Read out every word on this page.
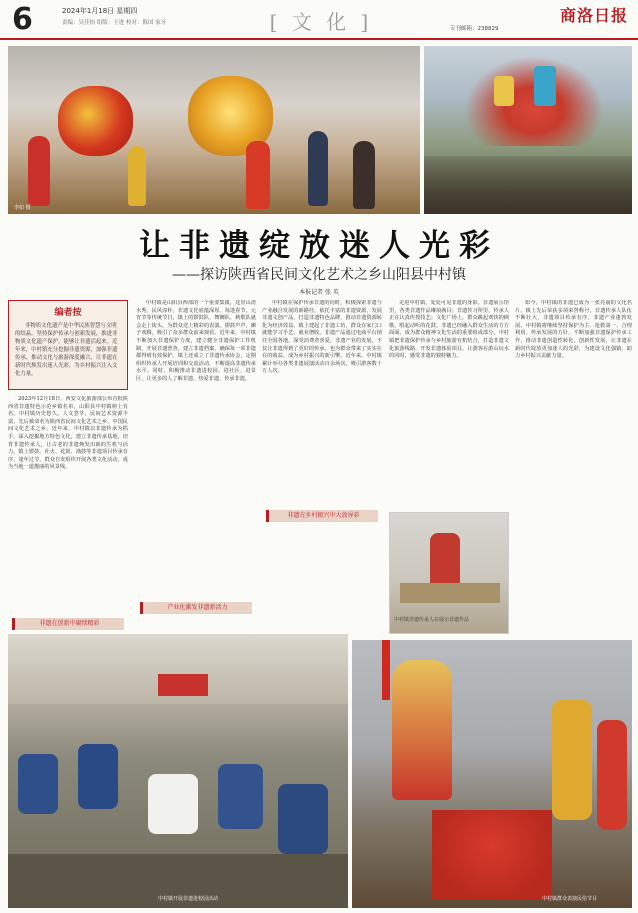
6	2024年1月18日 星期四
责编：吴佳怡 组版：王进 校对：陈国 家牙	[ 文 化 ]	专刊邮箱：238829
商洛日报
李如 摄
让非遗绽放迷人光彩
——探访陕西省民间文化艺术之乡山阳县中村镇
本报记者 张 英
编者按

非物质文化遗产是中华民族智慧与文明的结晶，坚持保护传承与创新发展，推进非物质文化遗产保护，能够让非遗活起来。近年来，中村镇充分挖掘非遗资源，加强非遗传承，推动文化与旅游深度融合，让非遗在新时代焕发出迷人光彩，为乡村振兴注入文化力量。

2023年12月18日，西安文化旅游部公布首批陕西省非遗特色示范乡镇名单，山阳县中村镇榜上有名。中村镇历史悠久，人文荟萃，民间艺术资源丰富，先后被命名为陕西省民间文化艺术之乡、中国民间文化艺术之乡。近年来，中村镇以非遗传承为抓手，深入挖掘地方特色文化，建立非遗传承基地，培育非遗传承人，让古老的非遗焕发出新的生机与活力。镇上锣鼓、社火、花鼓、渔鼓等非遗项目传承有序，逢年过节，群众自发组织开展各类文化活动，成为当地一道靓丽的风景线。

中村镇是山阳县西部的一个重要集镇，这里山清水秀，民风淳朴，非遗文化底蕴深厚。每逢春节、元宵节等传统节日，镇上的锣鼓队、舞狮队、秧歌队就会走上街头，为群众送上精彩的表演。锣鼓声声，狮子欢腾，吸引了众多群众前来观看。近年来，中村镇不断加大非遗保护力度，建立健全非遗保护工作机制，开展非遗普查，建立非遗档案，确保每一项非遗都得到有效保护。镇上还成立了非遗传承协会，定期组织传承人开展培训和交流活动，不断提高非遗传承水平。同时，积极推动非遗进校园、进社区、进景区，让更多的人了解非遗、热爱非遗、传承非遗。

中村镇在保护传承非遗的同时，积极探索非遗与产业融合发展的新路径。依托丰富的非遗资源，发展非遗文创产品，打造非遗特色品牌，推动非遗资源转化为经济效益。镇上建起了非遗工坊，群众在家门口就能学习手艺、就业增收。非遗产品通过电商平台销往全国各地，深受消费者喜爱。非遗产业的发展，不仅让非遗得到了更好的传承，也为群众带来了实实在在的收益，成为乡村振兴的新引擎。近年来，中村镇累计举办各类非遗展演活动百余场次，吸引游客数十万人次。

走进中村镇，处处可见非遗的身影。非遗展示馆里，各类非遗作品琳琅满目；非遗传习所里，传承人正在认真传授技艺；文化广场上，群众跳起欢快的秧歌，唱起动听的花鼓。非遗已经融入群众生活的方方面面，成为群众精神文化生活的重要组成部分。中村镇把非遗保护传承与乡村旅游有机结合，打造非遗文化旅游线路，开发非遗体验项目，让游客在游山玩水的同时，感受非遗的独特魅力。

如今，中村镇的非遗已成为一张亮丽的文化名片。镇上先后荣获多项荣誉称号，非遗传承人队伍不断壮大，非遗项目传承有序，非遗产业蓬勃发展。中村镇将继续坚持保护为主、抢救第一、合理利用、传承发展的方针，不断加强非遗保护传承工作，推动非遗创造性转化、创新性发展，让非遗在新时代绽放更加迷人的光彩，为建设文化强镇、助力乡村振兴贡献力量。

非遗在创新中赓续精彩
产业化激发非遗新活力
非遗在乡村振兴中大放异彩
中村镇非遗传承人在展示非遗作品
中村镇开展非遗进校园活动	中村镇群众表演民俗节目
